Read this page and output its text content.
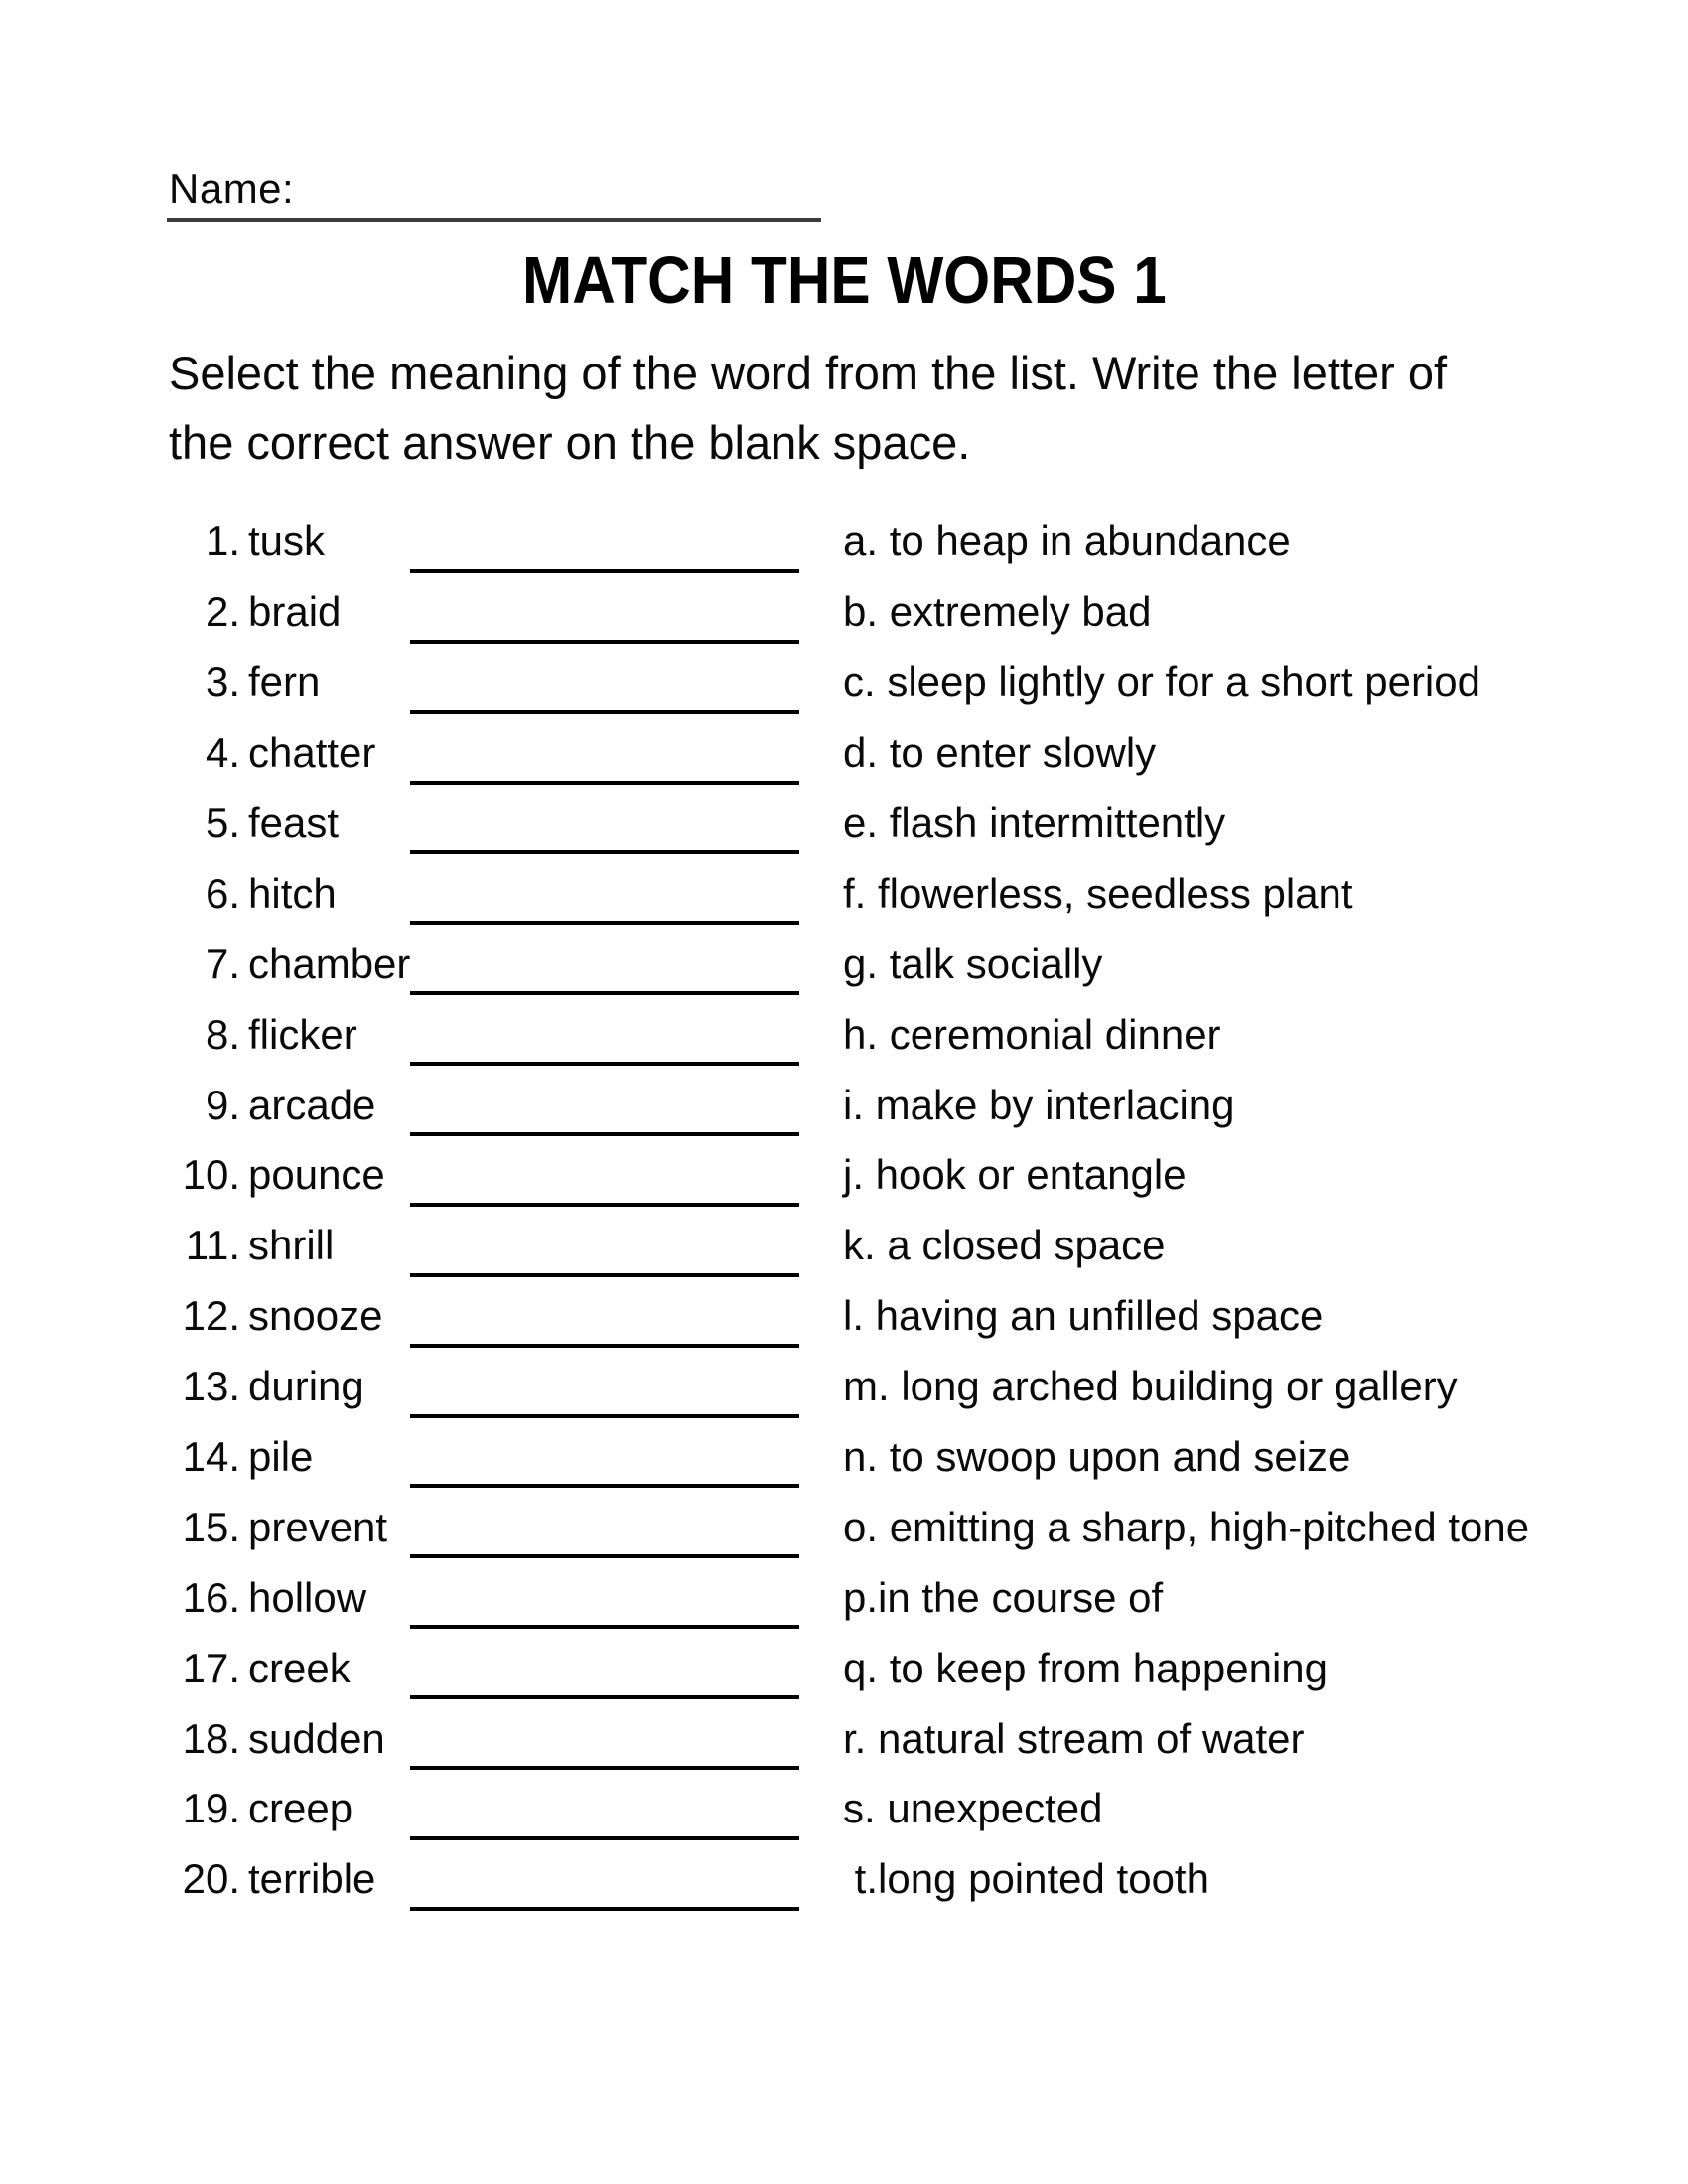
Name:
MATCH THE WORDS 1
Select the meaning of the word from the list. Write the letter of
the correct answer on the blank space.
1. tusk	a. to heap in abundance
2. braid	b. extremely bad
3. fern	c. sleep lightly or for a short period
4. chatter	d. to enter slowly
5. feast	e. flash intermittently
6. hitch	f. flowerless, seedless plant
7. chamber	g. talk socially
8. flicker	h. ceremonial dinner
9. arcade	i. make by interlacing
10. pounce	j. hook or entangle
11. shrill	k. a closed space
12. snooze	l. having an unfilled space
13. during	m. long arched building or gallery
14. pile	n. to swoop upon and seize
15. prevent	o. emitting a sharp, high-pitched tone
16. hollow	p.in the course of
17. creek	q. to keep from happening
18. sudden	r. natural stream of water
19. creep	s. unexpected
20. terrible	t.long pointed tooth
